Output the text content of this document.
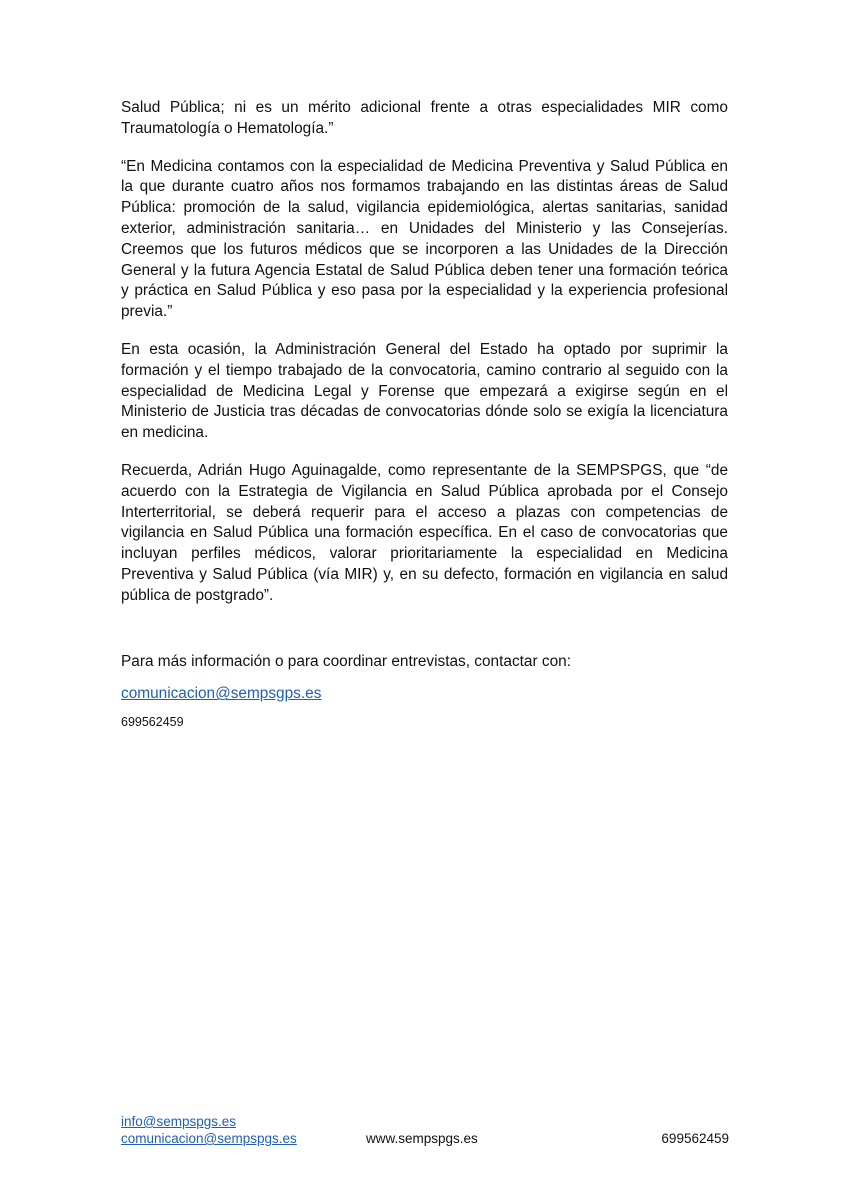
Salud Pública; ni es un mérito adicional frente a otras especialidades MIR como Traumatología o Hematología.”

“En Medicina contamos con la especialidad de Medicina Preventiva y Salud Pública en la que durante cuatro años nos formamos trabajando en las distintas áreas de Salud Pública: promoción de la salud, vigilancia epidemiológica, alertas sanitarias, sanidad exterior, administración sanitaria… en Unidades del Ministerio y las Consejerías. Creemos que los futuros médicos que se incorporen a las Unidades de la Dirección General y la futura Agencia Estatal de Salud Pública deben tener una formación teórica y práctica en Salud Pública y eso pasa por la especialidad y la experiencia profesional previa.”

En esta ocasión, la Administración General del Estado ha optado por suprimir la formación y el tiempo trabajado de la convocatoria, camino contrario al seguido con la especialidad de Medicina Legal y Forense que empezará a exigirse según en el Ministerio de Justicia tras décadas de convocatorias dónde solo se exigía la licenciatura en medicina.

Recuerda, Adrián Hugo Aguinagalde, como representante de la SEMPSPGS, que “de acuerdo con la Estrategia de Vigilancia en Salud Pública aprobada por el Consejo Interterritorial, se deberá requerir para el acceso a plazas con competencias de vigilancia en Salud Pública una formación específica. En el caso de convocatorias que incluyan perfiles médicos, valorar prioritariamente la especialidad en Medicina Preventiva y Salud Pública (vía MIR) y, en su defecto, formación en vigilancia en salud pública de postgrado”.

Para más información o para coordinar entrevistas, contactar con:
comunicacion@sempsgps.es
699562459
info@sempspgs.es
comunicacion@sempspgs.es	www.sempspgs.es	699562459
